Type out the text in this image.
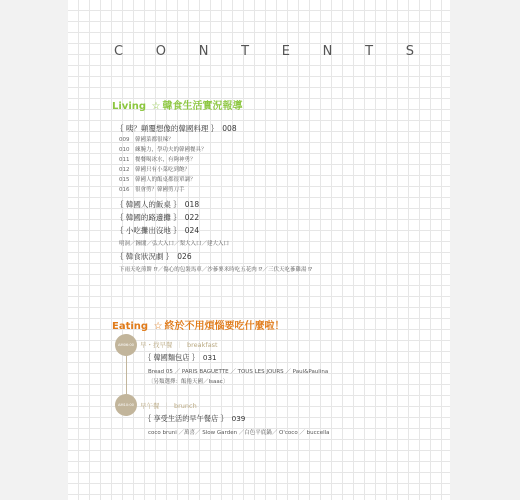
C	O	N	T	E	N	T	S
Living ☆ 韓食生活實況報導
｛ 咦？顛覆想像的韓國料理 ｝ 008
009 韓國菜都很辣？
010 練腕力，學功夫的韓國餐具？
011 餐餐喝冰水，有夠神勇？
012 韓國只有小菜吃到飽？
015 韓國人的飯桌都很單調？
016 很會剪？韓國剪刀手
｛ 韓國人的飯桌 ｝ 018
｛ 韓國的路邊攤 ｝ 022
｛ 小吃攤出沒地 ｝ 024
明洞／鐘閣／弘大入口／梨大入口／建大入口
｛ 韓食狀況劇 ｝ 026
下雨天吃煎餅 ⁉／傷心的包裝馬車／沙蔘麥米時吃五花肉 ⁉／三伏天吃蔘雞湯 ⁉
Eating ☆ 終於不用煩惱要吃什麼啦！
AM06:00 早・找早餐 ｜ breakfast
｛ 韓國麵包店 ｝ 031
Bread 05 ／ PARIS BAGUETTE ／ TOUS LES JOURS ／ Paul&Paulina
〔另類選擇：飯捲天國／Isaac〕
AM10:00 早午餐 ｜ brunch
｛ 享受生活的早午餐店 ｝ 039
coco bruni ／萬喜／ Slow Garden ／白色平底鍋／ O'coco ／ buccella
